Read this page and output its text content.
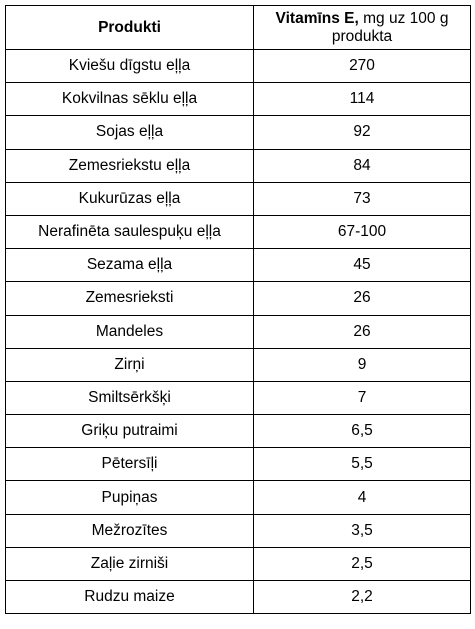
Produkti	Vitamīns E, mg uz 100 g produkta
Kviešu dīgstu eļļa	270
Kokvilnas sēklu eļļa	114
Sojas eļļa	92
Zemesriekstu eļļa	84
Kukurūzas eļļa	73
Nerafinēta saulespuķu eļļa	67-100
Sezama eļļa	45
Zemesrieksti	26
Mandeles	26
Zirņi	9
Smiltsērkšķi	7
Griķu putraimi	6,5
Pētersīļi	5,5
Pupiņas	4
Mežrozītes	3,5
Zaļie zirniši	2,5
Rudzu maize	2,2
